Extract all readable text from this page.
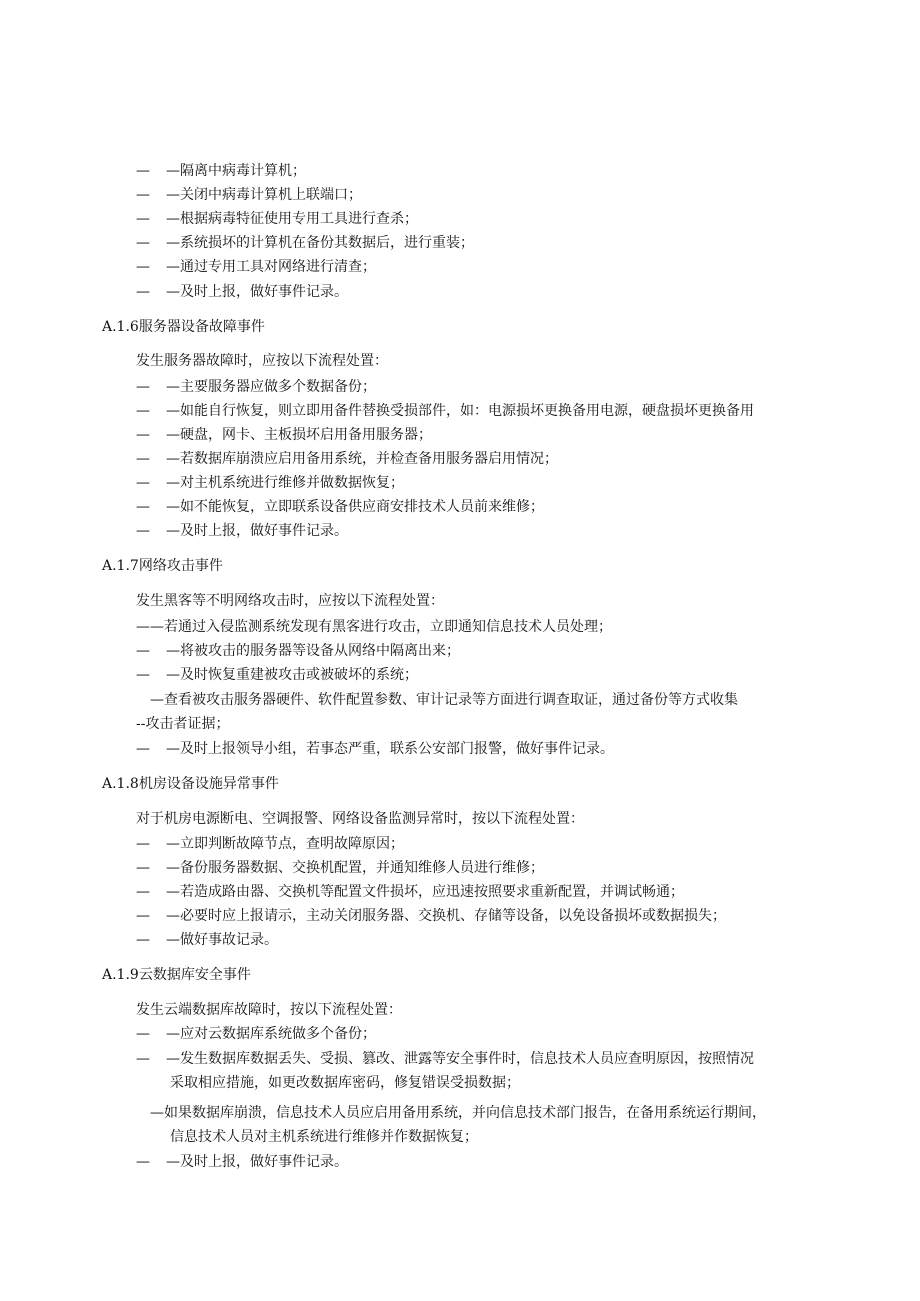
— —隔离中病毒计算机；
— —关闭中病毒计算机上联端口；
— —根据病毒特征使用专用工具进行查杀；
— —系统损坏的计算机在备份其数据后，进行重装；
— —通过专用工具对网络进行清查；
— —及时上报，做好事件记录。
A.1.6服务器设备故障事件
发生服务器故障时，应按以下流程处置：
— —主要服务器应做多个数据备份；
— —如能自行恢复，则立即用备件替换受损部件，如：电源损坏更换备用电源，硬盘损坏更换备用
— —硬盘，网卡、主板损坏启用备用服务器；
— —若数据库崩溃应启用备用系统，并检查备用服务器启用情况；
— —对主机系统进行维修并做数据恢复；
— —如不能恢复，立即联系设备供应商安排技术人员前来维修；
— —及时上报，做好事件记录。
A.1.7网络攻击事件
发生黑客等不明网络攻击时，应按以下流程处置：
——若通过入侵监测系统发现有黑客进行攻击，立即通知信息技术人员处理；
— —将被攻击的服务器等设备从网络中隔离出来；
— —及时恢复重建被攻击或被破坏的系统；
—查看被攻击服务器硬件、软件配置参数、审计记录等方面进行调查取证，通过备份等方式收集
--攻击者证据；
— —及时上报领导小组，若事态严重，联系公安部门报警，做好事件记录。
A.1.8机房设备设施异常事件
对于机房电源断电、空调报警、网络设备监测异常时，按以下流程处置：
— —立即判断故障节点，查明故障原因；
— —备份服务器数据、交换机配置，并通知维修人员进行维修；
— —若造成路由器、交换机等配置文件损坏，应迅速按照要求重新配置，并调试畅通；
— —必要时应上报请示，主动关闭服务器、交换机、存储等设备，以免设备损坏或数据损失；
— —做好事故记录。
A.1.9云数据库安全事件
发生云端数据库故障时，按以下流程处置：
— —应对云数据库系统做多个备份；
— —发生数据库数据丢失、受损、篡改、泄露等安全事件时，信息技术人员应查明原因，按照情况
采取相应措施，如更改数据库密码，修复错误受损数据；
—如果数据库崩溃，信息技术人员应启用备用系统，并向信息技术部门报告，在备用系统运行期间，
信息技术人员对主机系统进行维修并作数据恢复；
— —及时上报，做好事件记录。
